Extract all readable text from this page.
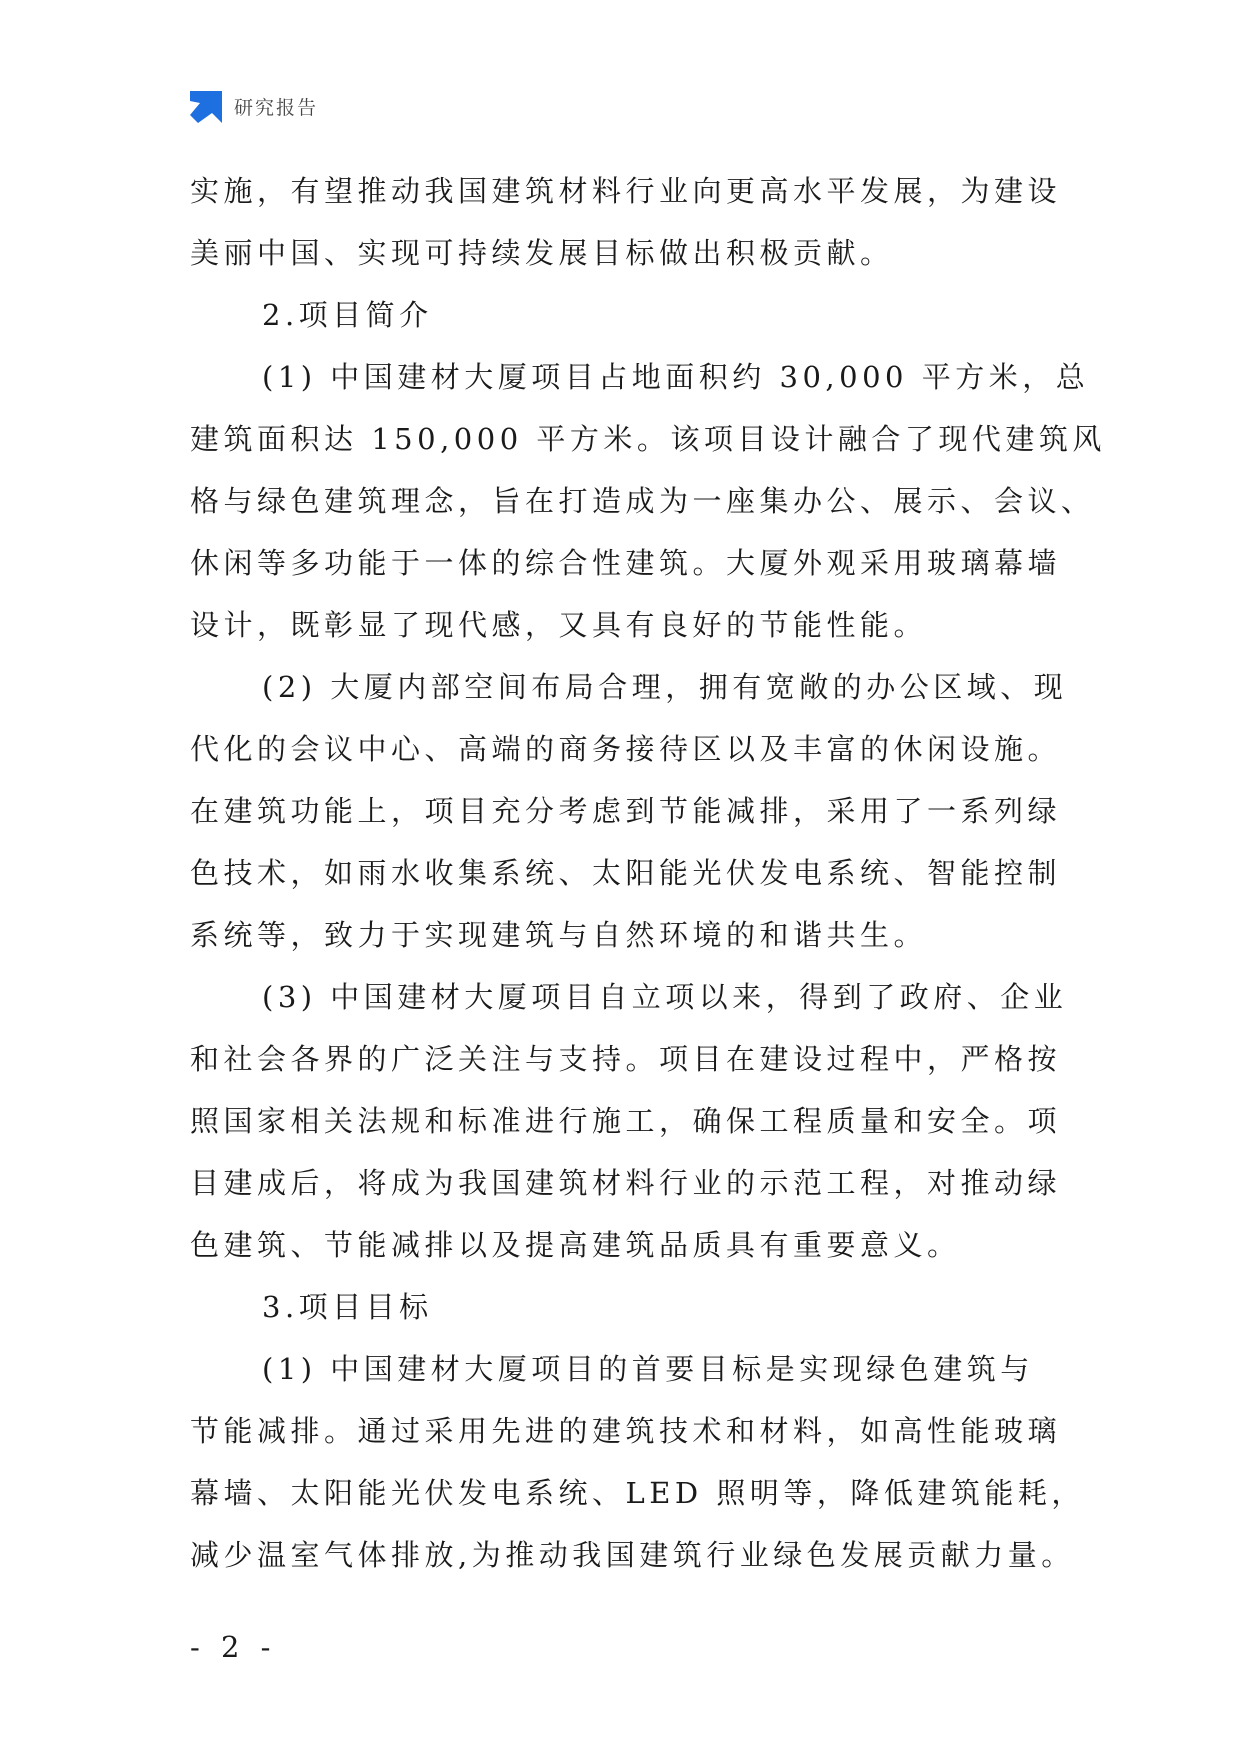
研究报告
实施，有望推动我国建筑材料行业向更高水平发展，为建设
美丽中国、实现可持续发展目标做出积极贡献。
2.项目简介
(1) 中国建材大厦项目占地面积约 30,000 平方米，总
建筑面积达 150,000 平方米。该项目设计融合了现代建筑风
格与绿色建筑理念，旨在打造成为一座集办公、展示、会议、
休闲等多功能于一体的综合性建筑。大厦外观采用玻璃幕墙
设计，既彰显了现代感，又具有良好的节能性能。
(2) 大厦内部空间布局合理，拥有宽敞的办公区域、现
代化的会议中心、高端的商务接待区以及丰富的休闲设施。
在建筑功能上，项目充分考虑到节能减排，采用了一系列绿
色技术，如雨水收集系统、太阳能光伏发电系统、智能控制
系统等，致力于实现建筑与自然环境的和谐共生。
(3) 中国建材大厦项目自立项以来，得到了政府、企业
和社会各界的广泛关注与支持。项目在建设过程中，严格按
照国家相关法规和标准进行施工，确保工程质量和安全。项
目建成后，将成为我国建筑材料行业的示范工程，对推动绿
色建筑、节能减排以及提高建筑品质具有重要意义。
3.项目目标
(1) 中国建材大厦项目的首要目标是实现绿色建筑与
节能减排。通过采用先进的建筑技术和材料，如高性能玻璃
幕墙、太阳能光伏发电系统、LED 照明等，降低建筑能耗，
减少温室气体排放,为推动我国建筑行业绿色发展贡献力量。
- 2 -
